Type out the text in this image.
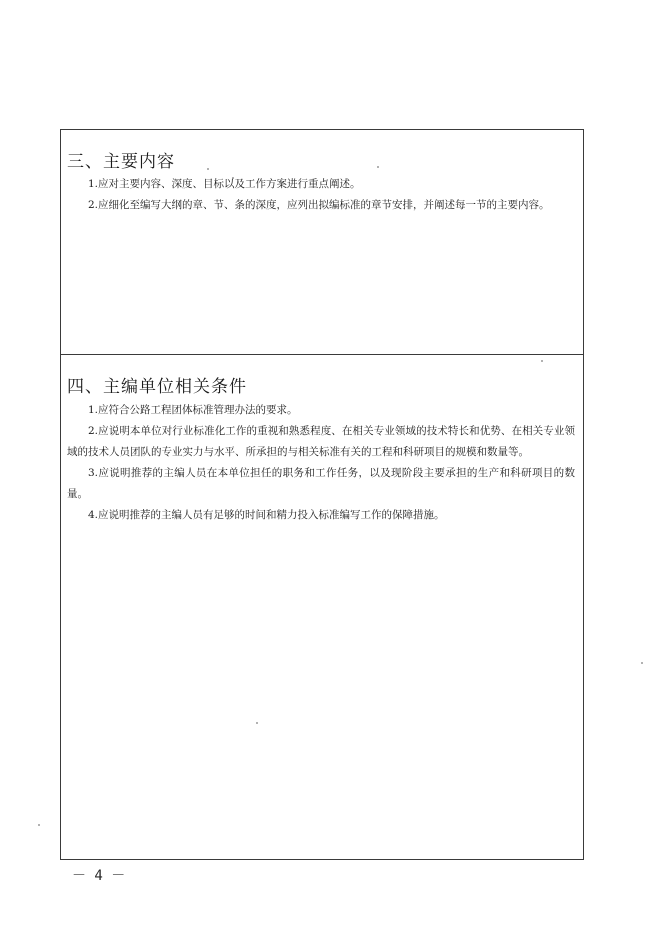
三、主要内容

1.应对主要内容、深度、目标以及工作方案进行重点阐述。

2.应细化至编写大纲的章、节、条的深度，应列出拟编标准的章节安排，并阐述每一节的主要内容。

四、主编单位相关条件

1.应符合公路工程团体标准管理办法的要求。

2.应说明本单位对行业标准化工作的重视和熟悉程度、在相关专业领域的技术特长和优势、在相关专业领域的技术人员团队的专业实力与水平、所承担的与相关标准有关的工程和科研项目的规模和数量等。

3.应说明推荐的主编人员在本单位担任的职务和工作任务，以及现阶段主要承担的生产和科研项目的数量。

4.应说明推荐的主编人员有足够的时间和精力投入标准编写工作的保障措施。

－ 4 －
